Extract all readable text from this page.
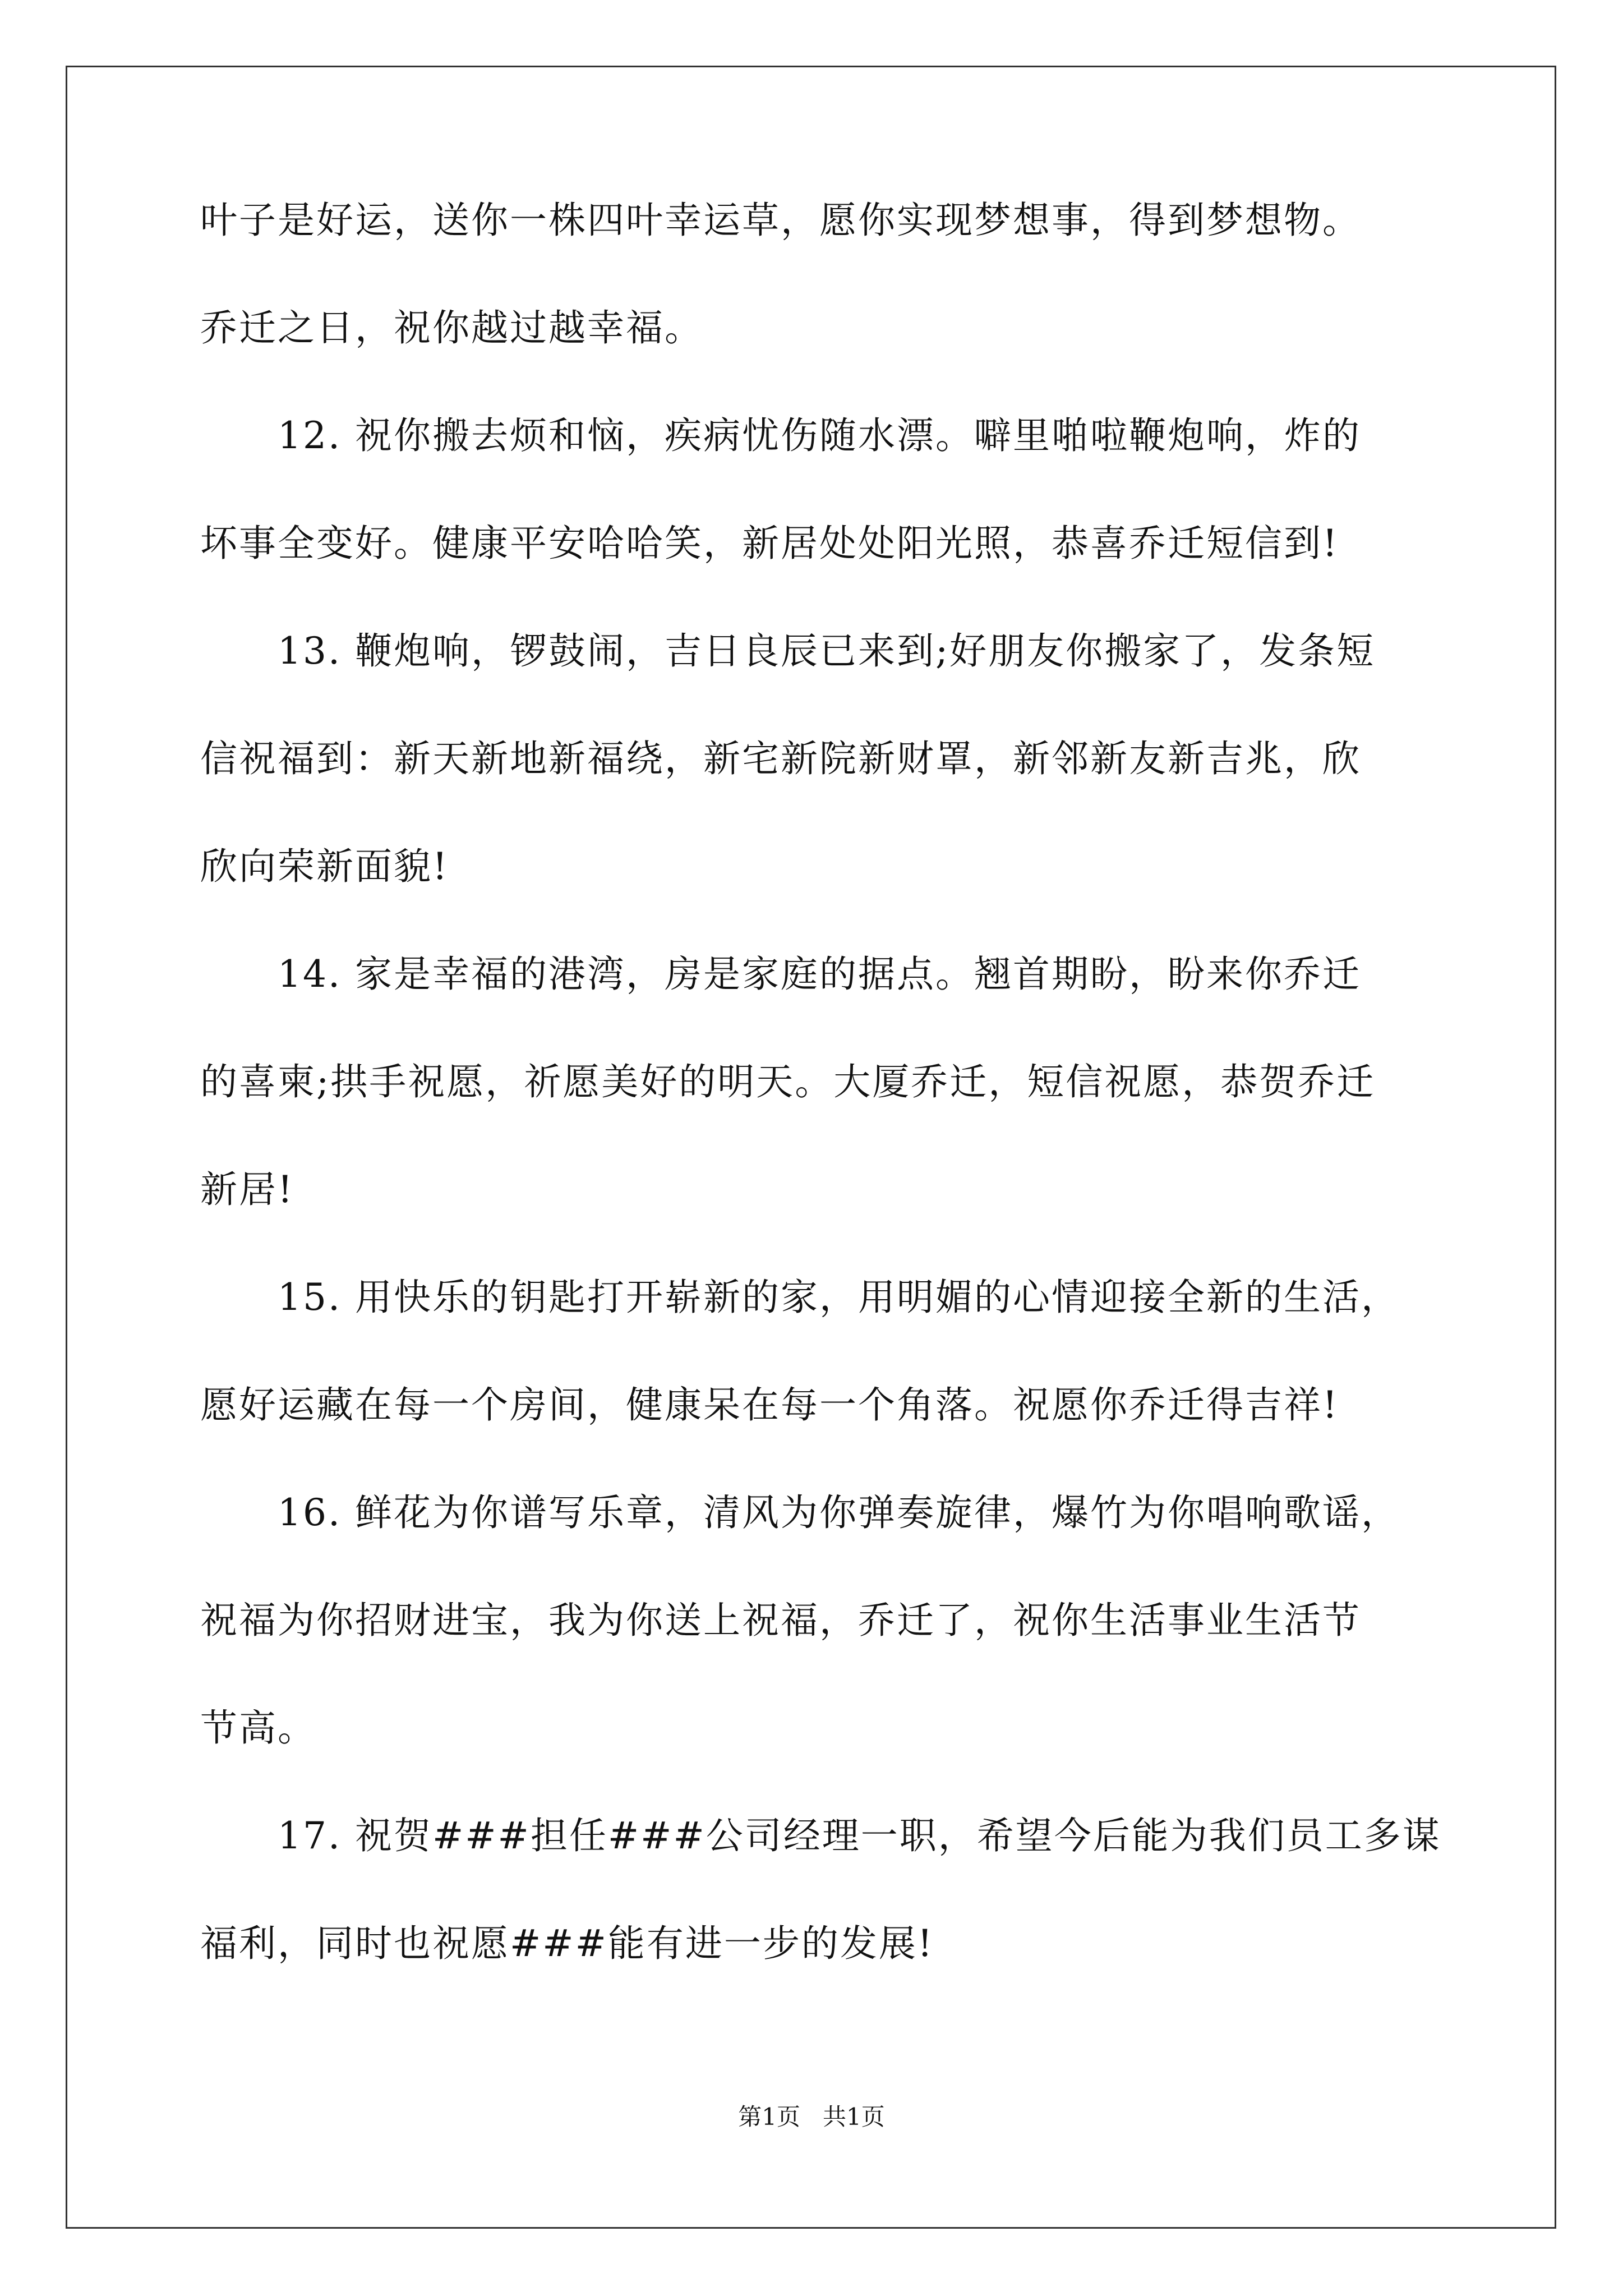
叶子是好运，送你一株四叶幸运草，愿你实现梦想事，得到梦想物。
乔迁之日，祝你越过越幸福。
12. 祝你搬去烦和恼，疾病忧伤随水漂。噼里啪啦鞭炮响，炸的
坏事全变好。健康平安哈哈笑，新居处处阳光照，恭喜乔迁短信到!
13. 鞭炮响，锣鼓闹，吉日良辰已来到;好朋友你搬家了，发条短
信祝福到：新天新地新福绕，新宅新院新财罩，新邻新友新吉兆，欣
欣向荣新面貌!
14. 家是幸福的港湾，房是家庭的据点。翘首期盼，盼来你乔迁
的喜柬;拱手祝愿，祈愿美好的明天。大厦乔迁，短信祝愿，恭贺乔迁
新居!
15. 用快乐的钥匙打开崭新的家，用明媚的心情迎接全新的生活，
愿好运藏在每一个房间，健康呆在每一个角落。祝愿你乔迁得吉祥!
16. 鲜花为你谱写乐章，清风为你弹奏旋律，爆竹为你唱响歌谣，
祝福为你招财进宝，我为你送上祝福，乔迁了，祝你生活事业生活节
节高。
17. 祝贺###担任###公司经理一职，希望今后能为我们员工多谋
福利，同时也祝愿###能有进一步的发展!
第1页   共1页
